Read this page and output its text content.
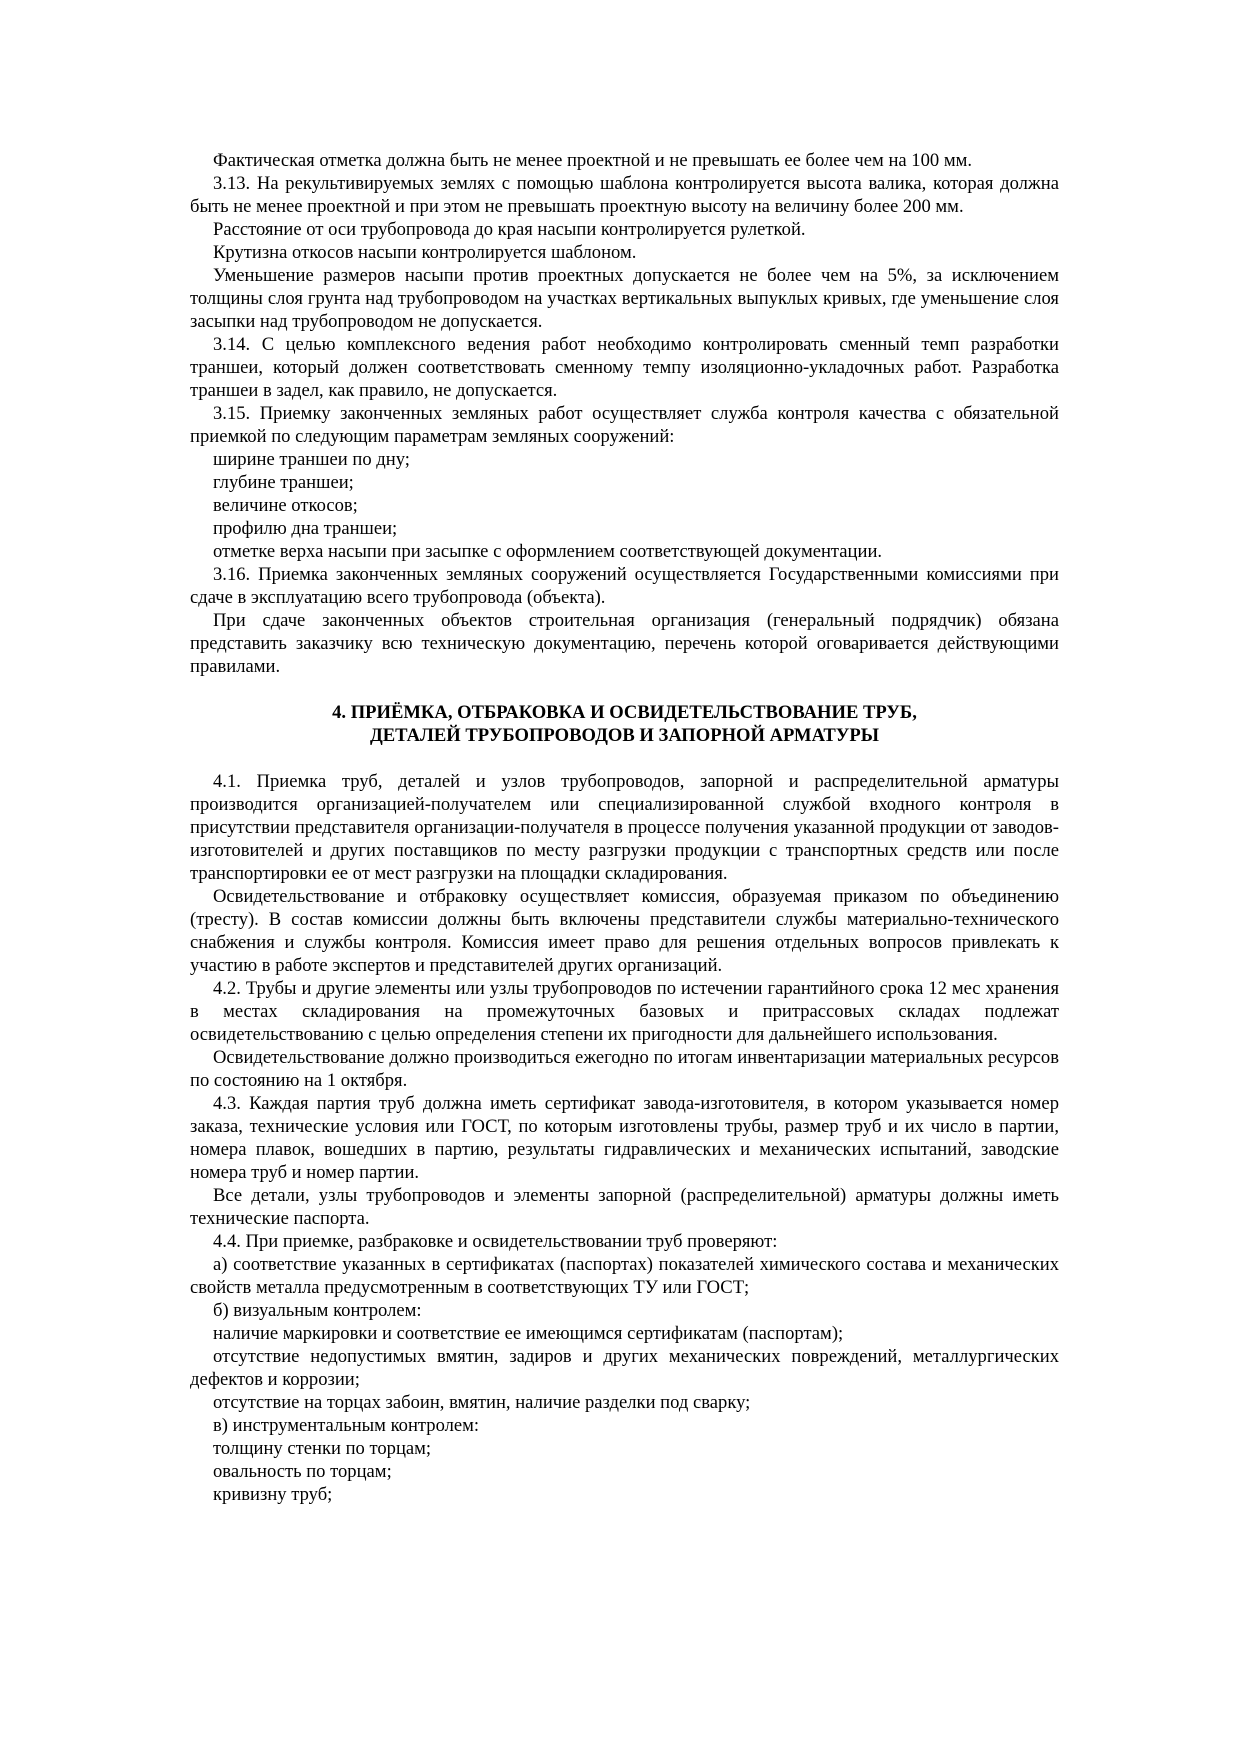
Фактическая отметка должна быть не менее проектной и не превышать ее более чем на 100 мм.

3.13. На рекультивируемых землях с помощью шаблона контролируется высота валика, которая должна быть не менее проектной и при этом не превышать проектную высоту на величину более 200 мм.

Расстояние от оси трубопровода до края насыпи контролируется рулеткой.

Крутизна откосов насыпи контролируется шаблоном.

Уменьшение размеров насыпи против проектных допускается не более чем на 5%, за исключением толщины слоя грунта над трубопроводом на участках вертикальных выпуклых кривых, где уменьшение слоя засыпки над трубопроводом не допускается.

3.14. С целью комплексного ведения работ необходимо контролировать сменный темп разработки траншеи, который должен соответствовать сменному темпу изоляционно-укладочных работ. Разработка траншеи в задел, как правило, не допускается.

3.15. Приемку законченных земляных работ осуществляет служба контроля качества с обязательной приемкой по следующим параметрам земляных сооружений:

ширине траншеи по дну;

глубине траншеи;

величине откосов;

профилю дна траншеи;

отметке верха насыпи при засыпке с оформлением соответствующей документации.

3.16. Приемка законченных земляных сооружений осуществляется Государственными комиссиями при сдаче в эксплуатацию всего трубопровода (объекта).

При сдаче законченных объектов строительная организация (генеральный подрядчик) обязана представить заказчику всю техническую документацию, перечень которой оговаривается действующими правилами.

4. ПРИЁМКА, ОТБРАКОВКА И ОСВИДЕТЕЛЬСТВОВАНИЕ ТРУБ,
ДЕТАЛЕЙ ТРУБОПРОВОДОВ И ЗАПОРНОЙ АРМАТУРЫ

4.1. Приемка труб, деталей и узлов трубопроводов, запорной и распределительной арматуры производится организацией-получателем или специализированной службой входного контроля в присутствии представителя организации-получателя в процессе получения указанной продукции от заводов-изготовителей и других поставщиков по месту разгрузки продукции с транспортных средств или после транспортировки ее от мест разгрузки на площадки складирования.

Освидетельствование и отбраковку осуществляет комиссия, образуемая приказом по объединению (тресту). В состав комиссии должны быть включены представители службы материально-технического снабжения и службы контроля. Комиссия имеет право для решения отдельных вопросов привлекать к участию в работе экспертов и представителей других организаций.

4.2. Трубы и другие элементы или узлы трубопроводов по истечении гарантийного срока 12 мес хранения в местах складирования на промежуточных базовых и притрассовых складах подлежат освидетельствованию с целью определения степени их пригодности для дальнейшего использования.

Освидетельствование должно производиться ежегодно по итогам инвентаризации материальных ресурсов по состоянию на 1 октября.

4.3. Каждая партия труб должна иметь сертификат завода-изготовителя, в котором указывается номер заказа, технические условия или ГОСТ, по которым изготовлены трубы, размер труб и их число в партии, номера плавок, вошедших в партию, результаты гидравлических и механических испытаний, заводские номера труб и номер партии.

Все детали, узлы трубопроводов и элементы запорной (распределительной) арматуры должны иметь технические паспорта.

4.4. При приемке, разбраковке и освидетельствовании труб проверяют:

а) соответствие указанных в сертификатах (паспортах) показателей химического состава и механических свойств металла предусмотренным в соответствующих ТУ или ГОСТ;

б) визуальным контролем:

наличие маркировки и соответствие ее имеющимся сертификатам (паспортам);

отсутствие недопустимых вмятин, задиров и других механических повреждений, металлургических дефектов и коррозии;

отсутствие на торцах забоин, вмятин, наличие разделки под сварку;

в) инструментальным контролем:

толщину стенки по торцам;

овальность по торцам;

кривизну труб;
